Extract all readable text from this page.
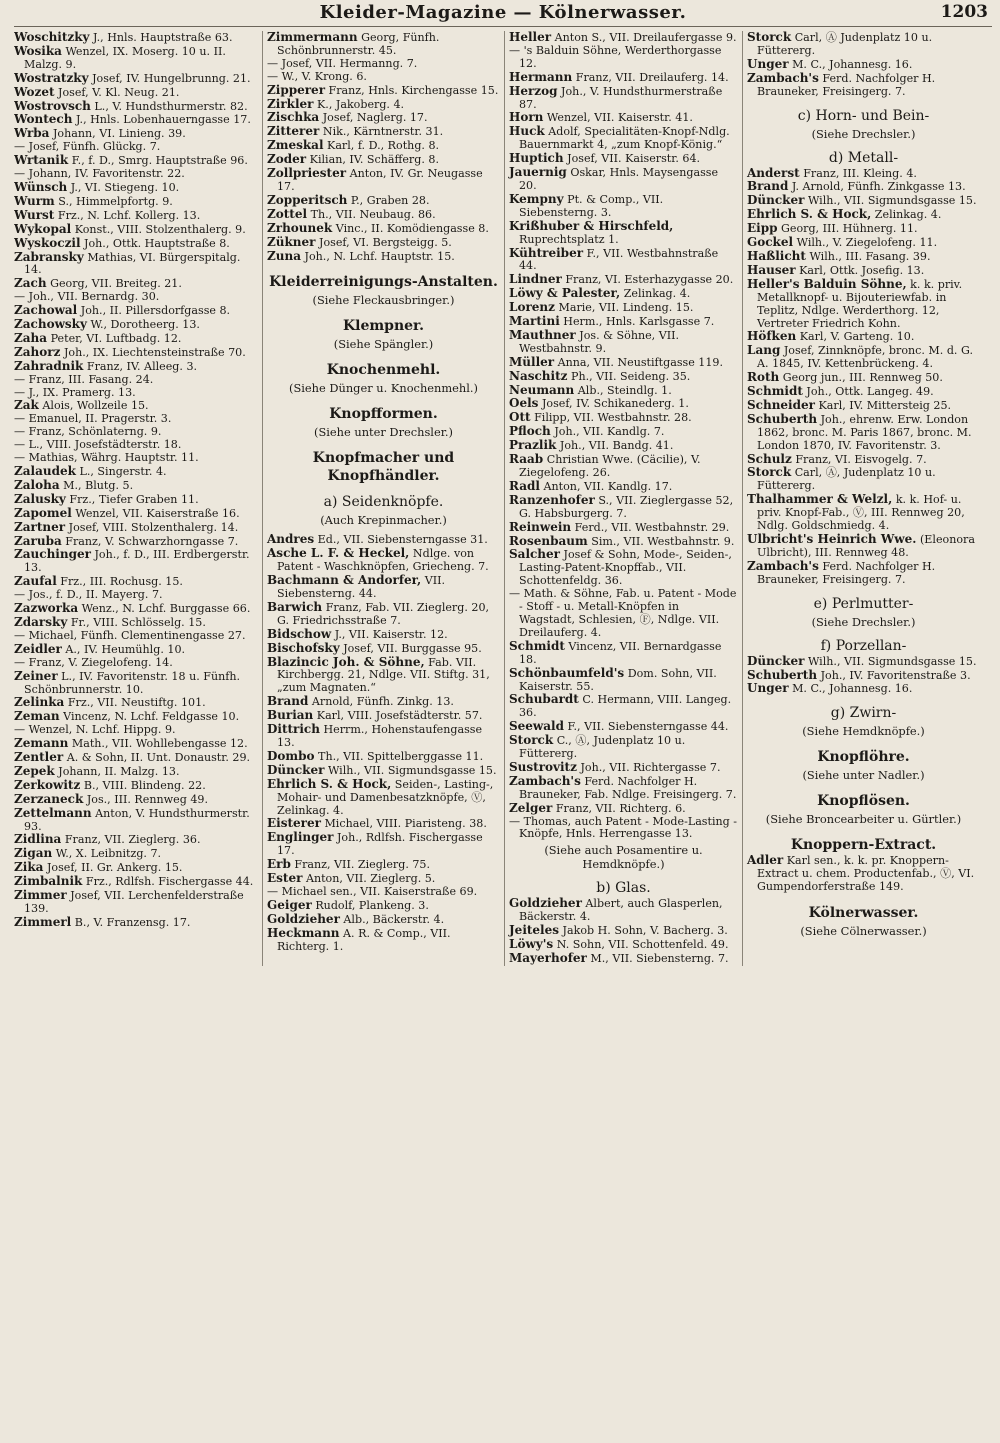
Kleider-Magazine — Kölnerwasser.	1203

Woschitzky J., Hnls. Hauptstraße 63.

Wosika Wenzel, IX. Moserg. 10 u. II. Malzg. 9.

Wostratzky Josef, IV. Hungelbrunng. 21.

Wozet Josef, V. Kl. Neug. 21.

Wostrovsch L., V. Hundsthurmerstr. 82.

Wontech J., Hnls. Lobenhauerngasse 17.

Wrba Johann, VI. Linieng. 39.

— Josef, Fünfh. Glückg. 7.

Wrtanik F., f. D., Smrg. Hauptstraße 96.

— Johann, IV. Favoritenstr. 22.

Wünsch J., VI. Stiegeng. 10.

Wurm S., Himmelpfortg. 9.

Wurst Frz., N. Lchf. Kollerg. 13.

Wykopal Konst., VIII. Stolzenthalerg. 9.

Wyskoczil Joh., Ottk. Hauptstraße 8.

Zabransky Mathias, VI. Bürgerspitalg. 14.

Zach Georg, VII. Breiteg. 21.

— Joh., VII. Bernardg. 30.

Zachowal Joh., II. Pillersdorfgasse 8.

Zachowsky W., Dorotheerg. 13.

Zaha Peter, VI. Luftbadg. 12.

Zahorz Joh., IX. Liechtensteinstraße 70.

Zahradnik Franz, IV. Alleeg. 3.

— Franz, III. Fasang. 24.

— J., IX. Pramerg. 13.

Zak Alois, Wollzeile 15.

— Emanuel, II. Pragerstr. 3.

— Franz, Schönlaterng. 9.

— L., VIII. Josefstädterstr. 18.

— Mathias, Währg. Hauptstr. 11.

Zalaudek L., Singerstr. 4.

Zaloha M., Blutg. 5.

Zalusky Frz., Tiefer Graben 11.

Zapomel Wenzel, VII. Kaiserstraße 16.

Zartner Josef, VIII. Stolzenthalerg. 14.

Zaruba Franz, V. Schwarzhorngasse 7.

Zauchinger Joh., f. D., III. Erdbergerstr. 13.

Zaufal Frz., III. Rochusg. 15.

— Jos., f. D., II. Mayerg. 7.

Zazworka Wenz., N. Lchf. Burggasse 66.

Zdarsky Fr., VIII. Schlösselg. 15.

— Michael, Fünfh. Clementinengasse 27.

Zeidler A., IV. Heumühlg. 10.

— Franz, V. Ziegelofeng. 14.

Zeiner L., IV. Favoritenstr. 18 u. Fünfh. Schönbrunnerstr. 10.

Zelinka Frz., VII. Neustiftg. 101.

Zeman Vincenz, N. Lchf. Feldgasse 10.

— Wenzel, N. Lchf. Hippg. 9.

Zemann Math., VII. Wohllebengasse 12.

Zentler A. & Sohn, II. Unt. Donaustr. 29.

Zepek Johann, II. Malzg. 13.

Zerkowitz B., VIII. Blindeng. 22.

Zerzaneck Jos., III. Rennweg 49.

Zettelmann Anton, V. Hundsthurmerstr. 93.

Zidlina Franz, VII. Zieglerg. 36.

Zigan W., X. Leibnitzg. 7.

Zika Josef, II. Gr. Ankerg. 15.

Zimbalnik Frz., Rdlfsh. Fischergasse 44.

Zimmer Josef, VII. Lerchenfelderstraße 139.

Zimmerl B., V. Franzensg. 17.

Zimmermann Georg, Fünfh. Schönbrunnerstr. 45.

— Josef, VII. Hermanng. 7.

— W., V. Krong. 6.

Zipperer Franz, Hnls. Kirchengasse 15.

Zirkler K., Jakoberg. 4.

Zischka Josef, Naglerg. 17.

Zitterer Nik., Kärntnerstr. 31.

Zmeskal Karl, f. D., Rothg. 8.

Zoder Kilian, IV. Schäfferg. 8.

Zollpriester Anton, IV. Gr. Neugasse 17.

Zopperitsch P., Graben 28.

Zottel Th., VII. Neubaug. 86.

Zrhounek Vinc., II. Komödiengasse 8.

Zükner Josef, VI. Bergsteigg. 5.

Zuna Joh., N. Lchf. Hauptstr. 15.

Kleiderreinigungs-Anstalten.
(Siehe Fleckausbringer.)
Klempner.
(Siehe Spängler.)
Knochenmehl.
(Siehe Dünger u. Knochenmehl.)
Knopfformen.
(Siehe unter Drechsler.)
Knopfmacher und Knopfhändler.
a) Seidenknöpfe.
(Auch Krepinmacher.)

Andres Ed., VII. Siebensterngasse 31.

Asche L. F. & Heckel, Ndlge. von Patent - Waschknöpfen, Griecheng. 7.

Bachmann & Andorfer, VII. Siebensterng. 44.

Barwich Franz, Fab. VII. Zieglerg. 20, G. Friedrichsstraße 7.

Bidschow J., VII. Kaiserstr. 12.

Bischofsky Josef, VII. Burggasse 95.

Blazincic Joh. & Söhne, Fab. VII. Kirchbergg. 21, Ndlge. VII. Stiftg. 31, „zum Magnaten.“

Brand Arnold, Fünfh. Zinkg. 13.

Burian Karl, VIII. Josefstädterstr. 57.

Dittrich Herrm., Hohenstaufengasse 13.

Dombo Th., VII. Spittelberggasse 11.

Düncker Wilh., VII. Sigmundsgasse 15.

Ehrlich S. & Hock, Seiden-, Lasting-, Mohair- und Damenbesatzknöpfe, Ⓥ, Zelinkag. 4.

Eisterer Michael, VIII. Piaristeng. 38.

Englinger Joh., Rdlfsh. Fischergasse 17.

Erb Franz, VII. Zieglerg. 75.

Ester Anton, VII. Zieglerg. 5.

— Michael sen., VII. Kaiserstraße 69.

Geiger Rudolf, Plankeng. 3.

Goldzieher Alb., Bäckerstr. 4.

Heckmann A. R. & Comp., VII. Richterg. 1.

Heller Anton S., VII. Dreilaufergasse 9.

— 's Balduin Söhne, Werderthorgasse 12.

Hermann Franz, VII. Dreilauferg. 14.

Herzog Joh., V. Hundsthurmerstraße 87.

Horn Wenzel, VII. Kaiserstr. 41.

Huck Adolf, Specialitäten-Knopf-Ndlg. Bauernmarkt 4, „zum Knopf-König.“

Huptich Josef, VII. Kaiserstr. 64.

Jauernig Oskar, Hnls. Maysengasse 20.

Kempny Pt. & Comp., VII. Siebensterng. 3.

Krißhuber & Hirschfeld, Ruprechtsplatz 1.

Kühtreiber F., VII. Westbahnstraße 44.

Lindner Franz, VI. Esterhazygasse 20.

Löwy & Palester, Zelinkag. 4.

Lorenz Marie, VII. Lindeng. 15.

Martini Herm., Hnls. Karlsgasse 7.

Mauthner Jos. & Söhne, VII. Westbahnstr. 9.

Müller Anna, VII. Neustiftgasse 119.

Naschitz Ph., VII. Seideng. 35.

Neumann Alb., Steindlg. 1.

Oels Josef, IV. Schikanederg. 1.

Ott Filipp, VII. Westbahnstr. 28.

Pfloch Joh., VII. Kandlg. 7.

Prazlik Joh., VII. Bandg. 41.

Raab Christian Wwe. (Cäcilie), V. Ziegelofeng. 26.

Radl Anton, VII. Kandlg. 17.

Ranzenhofer S., VII. Zieglergasse 52, G. Habsburgerg. 7.

Reinwein Ferd., VII. Westbahnstr. 29.

Rosenbaum Sim., VII. Westbahnstr. 9.

Salcher Josef & Sohn, Mode-, Seiden-, Lasting-Patent-Knopffab., VII. Schottenfeldg. 36.

— Math. & Söhne, Fab. u. Patent - Mode - Stoff - u. Metall-Knöpfen in Wagstadt, Schlesien, Ⓕ, Ndlge. VII. Dreilauferg. 4.

Schmidt Vincenz, VII. Bernardgasse 18.

Schönbaumfeld's Dom. Sohn, VII. Kaiserstr. 55.

Schubardt C. Hermann, VIII. Langeg. 36.

Seewald F., VII. Siebensterngasse 44.

Storck C., Ⓐ, Judenplatz 10 u. Füttererg.

Sustrovitz Joh., VII. Richtergasse 7.

Zambach's Ferd. Nachfolger H. Brauneker, Fab. Ndlge. Freisingerg. 7.

Zelger Franz, VII. Richterg. 6.

— Thomas, auch Patent - Mode-Lasting - Knöpfe, Hnls. Herrengasse 13.

(Siehe auch Posamentire u. Hemdknöpfe.)
b) Glas.

Goldzieher Albert, auch Glasperlen, Bäckerstr. 4.

Jeiteles Jakob H. Sohn, V. Bacherg. 3.

Löwy's N. Sohn, VII. Schottenfeld. 49.

Mayerhofer M., VII. Siebensterng. 7.

Storck Carl, Ⓐ Judenplatz 10 u. Füttererg.

Unger M. C., Johannesg. 16.

Zambach's Ferd. Nachfolger H. Brauneker, Freisingerg. 7.

c) Horn- und Bein-
(Siehe Drechsler.)
d) Metall-

Anderst Franz, III. Kleing. 4.

Brand J. Arnold, Fünfh. Zinkgasse 13.

Düncker Wilh., VII. Sigmundsgasse 15.

Ehrlich S. & Hock, Zelinkag. 4.

Eipp Georg, III. Hühnerg. 11.

Gockel Wilh., V. Ziegelofeng. 11.

Haßlicht Wilh., III. Fasang. 39.

Hauser Karl, Ottk. Josefig. 13.

Heller's Balduin Söhne, k. k. priv. Metallknopf- u. Bijouteriewfab. in Teplitz, Ndlge. Werderthorg. 12, Vertreter Friedrich Kohn.

Höfken Karl, V. Garteng. 10.

Lang Josef, Zinnknöpfe, bronc. M. d. G. A. 1845, IV. Kettenbrückeng. 4.

Roth Georg jun., III. Rennweg 50.

Schmidt Joh., Ottk. Langeg. 49.

Schneider Karl, IV. Mittersteig 25.

Schuberth Joh., ehrenw. Erw. London 1862, bronc. M. Paris 1867, bronc. M. London 1870, IV. Favoritenstr. 3.

Schulz Franz, VI. Eisvogelg. 7.

Storck Carl, Ⓐ, Judenplatz 10 u. Füttererg.

Thalhammer & Welzl, k. k. Hof- u. priv. Knopf-Fab., Ⓥ, III. Rennweg 20, Ndlg. Goldschmiedg. 4.

Ulbricht's Heinrich Wwe. (Eleonora Ulbricht), III. Rennweg 48.

Zambach's Ferd. Nachfolger H. Brauneker, Freisingerg. 7.

e) Perlmutter-
(Siehe Drechsler.)
f) Porzellan-

Düncker Wilh., VII. Sigmundsgasse 15.

Schuberth Joh., IV. Favoritenstraße 3.

Unger M. C., Johannesg. 16.

g) Zwirn-
(Siehe Hemdknöpfe.)
Knopflöhre.
(Siehe unter Nadler.)
Knopflösen.
(Siehe Broncearbeiter u. Gürtler.)
Knoppern-Extract.

Adler Karl sen., k. k. pr. Knoppern-Extract u. chem. Productenfab., Ⓥ, VI. Gumpendorferstraße 149.

Kölnerwasser.
(Siehe Cölnerwasser.)
